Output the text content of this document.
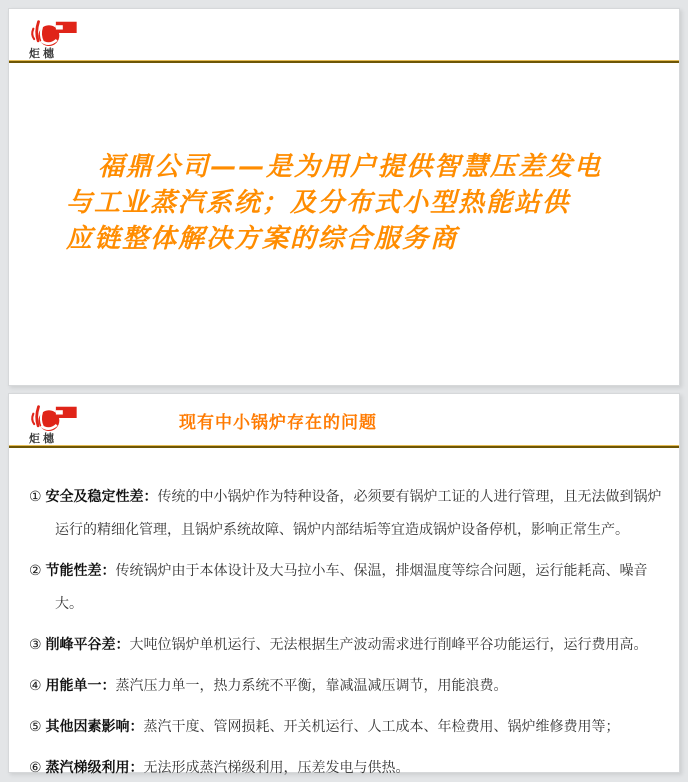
炬橞
福鼎公司——是为用户提供智慧压差发电
与工业蒸汽系统；及分布式小型热能站供
应链整体解决方案的综合服务商
炬橞
现有中小锅炉存在的问题

① 安全及稳定性差：传统的中小锅炉作为特种设备，必须要有锅炉工证的人进行管理，且无法做到锅炉运行的精细化管理，且锅炉系统故障、锅炉内部结垢等宜造成锅炉设备停机，影响正常生产。

② 节能性差：传统锅炉由于本体设计及大马拉小车、保温，排烟温度等综合问题，运行能耗高、噪音大。

③ 削峰平谷差：大吨位锅炉单机运行、无法根据生产波动需求进行削峰平谷功能运行，运行费用高。

④ 用能单一：蒸汽压力单一，热力系统不平衡，靠减温减压调节，用能浪费。

⑤ 其他因素影响：蒸汽干度、管网损耗、开关机运行、人工成本、年检费用、锅炉维修费用等；

⑥ 蒸汽梯级利用：无法形成蒸汽梯级利用，压差发电与供热。
